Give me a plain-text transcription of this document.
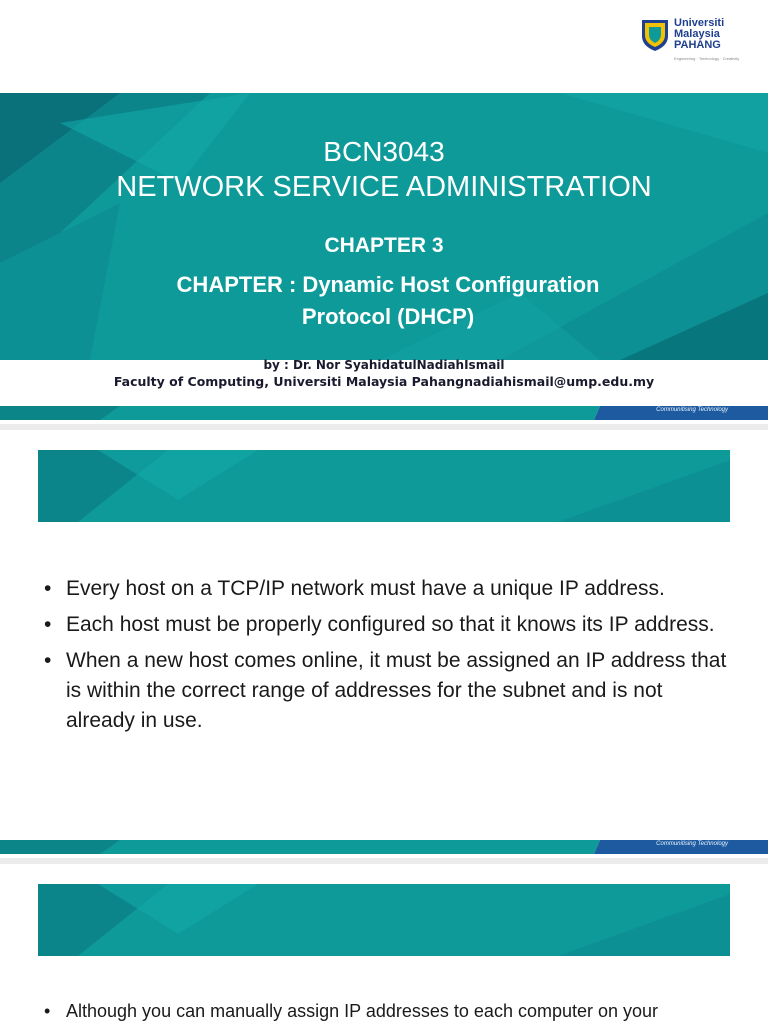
Universiti
Malaysia
PAHANG
Engineering · Technology · Creativity
BCN3043
NETWORK SERVICE ADMINISTRATION
CHAPTER 3
CHAPTER : Dynamic Host Configuration Protocol (DHCP)
by : Dr. Nor SyahidatulNadiahIsmail
Faculty of Computing, Universiti Malaysia Pahangnadiahismail@ump.edu.my
Communitising Technology
• Every host on a TCP/IP network must have a unique IP address.
• Each host must be properly configured so that it knows its IP address.
• When a new host comes online, it must be assigned an IP address that is within the correct range of addresses for the subnet and is not already in use.
Communitising Technology
• Although you can manually assign IP addresses to each computer on your
